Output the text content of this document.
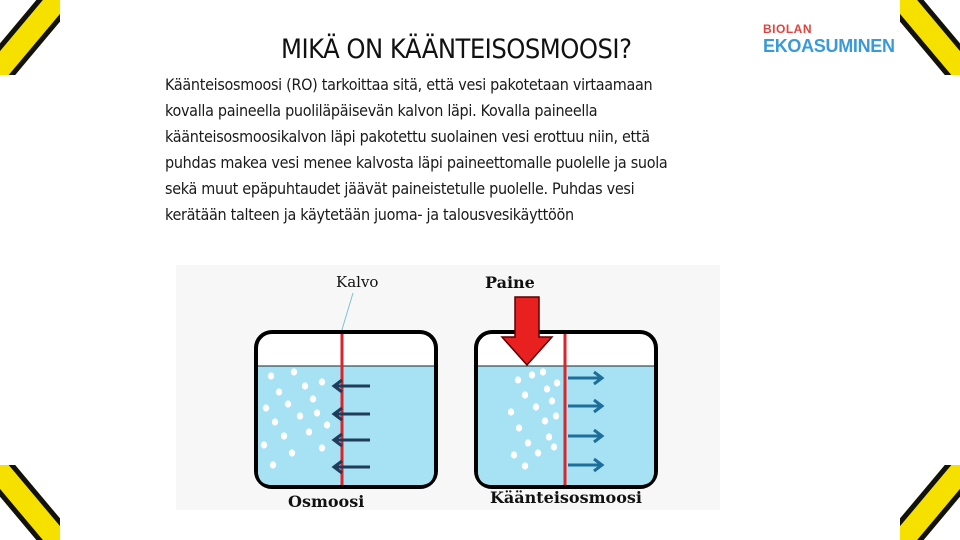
BIOLAN
EKOASUMINEN
MIKÄ ON KÄÄNTEISOSMOOSI?
Käänteisosmoosi (RO) tarkoittaa sitä, että vesi pakotetaan virtaamaan
kovalla paineella puoliläpäisevän kalvon läpi. Kovalla paineella
käänteisosmoosikalvon läpi pakotettu suolainen vesi erottuu niin, että
puhdas makea vesi menee kalvosta läpi paineettomalle puolelle ja suola
sekä muut epäpuhtaudet jäävät paineistetulle puolelle. Puhdas vesi
kerätään talteen ja käytetään juoma- ja talousvesikäyttöön
Kalvo	Paine
Osmoosi	Käänteisosmoosi
